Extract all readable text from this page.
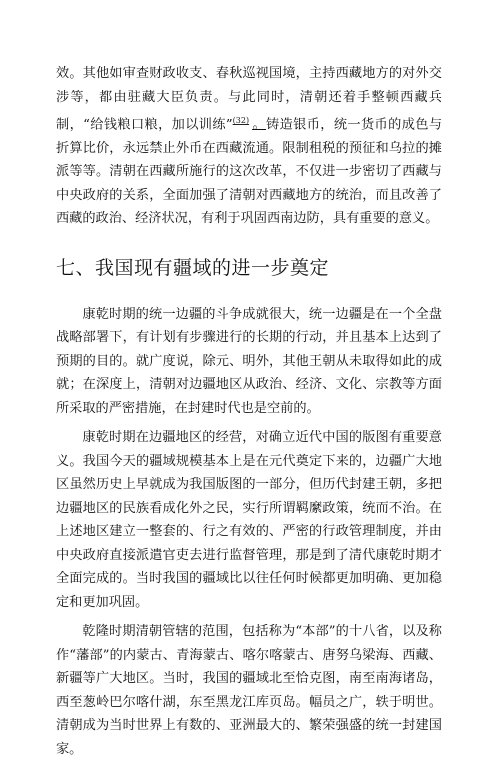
效。其他如审查财政收支、春秋巡视国境，主持西藏地方的对外交涉等，都由驻藏大臣负责。与此同时，清朝还着手整顿西藏兵制，“给钱粮口粮，加以训练”$^{(32)}$ 。铸造银币，统一货币的成色与折算比价，永远禁止外币在西藏流通。限制租税的预征和乌拉的摊派等等。清朝在西藏所施行的这次改革，不仅进一步密切了西藏与中央政府的关系，全面加强了清朝对西藏地方的统治，而且改善了西藏的政治、经济状况，有利于巩固西南边防，具有重要的意义。

七、我国现有疆域的进一步奠定

康乾时期的统一边疆的斗争成就很大，统一边疆是在一个全盘战略部署下，有计划有步骤进行的长期的行动，并且基本上达到了预期的目的。就广度说，除元、明外，其他王朝从未取得如此的成就；在深度上，清朝对边疆地区从政治、经济、文化、宗教等方面所采取的严密措施，在封建时代也是空前的。

康乾时期在边疆地区的经营，对确立近代中国的版图有重要意义。我国今天的疆域规模基本上是在元代奠定下来的，边疆广大地区虽然历史上早就成为我国版图的一部分，但历代封建王朝，多把边疆地区的民族看成化外之民，实行所谓羁縻政策，统而不治。在上述地区建立一整套的、行之有效的、严密的行政管理制度，并由中央政府直接派遣官吏去进行监督管理，那是到了清代康乾时期才全面完成的。当时我国的疆域比以往任何时候都更加明确、更加稳定和更加巩固。

乾隆时期清朝管辖的范围，包括称为“本部”的十八省，以及称作“藩部”的内蒙古、青海蒙古、喀尔喀蒙古、唐努乌梁海、西藏、新疆等广大地区。当时，我国的疆域北至恰克图，南至南海诸岛，西至葱岭巴尔喀什湖，东至黑龙江库页岛。幅员之广，轶于明世。清朝成为当时世界上有数的、亚洲最大的、繁荣强盛的统一封建国家。
